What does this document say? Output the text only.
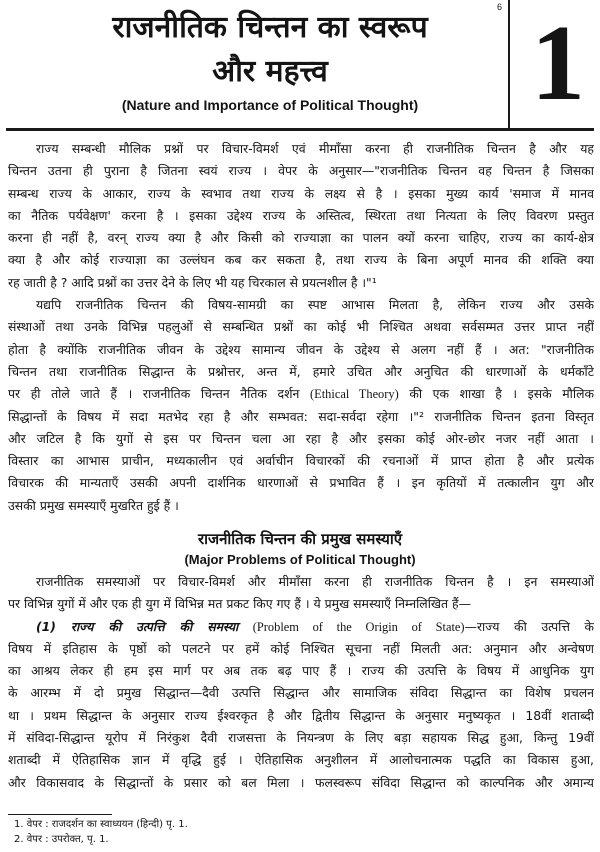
राजनीतिक चिन्तन का स्वरूप
और महत्त्व
(Nature and Importance of Political Thought)
6 1
राज्य सम्बन्धी मौलिक प्रश्नों पर विचार-विमर्श एवं मीमाँसा करना ही राजनीतिक चिन्तन है और यह
चिन्तन उतना ही पुराना है जितना स्वयं राज्य । वेपर के अनुसार—"राजनीतिक चिन्तन वह चिन्तन है जिसका
सम्बन्ध राज्य के आकार, राज्य के स्वभाव तथा राज्य के लक्ष्य से है । इसका मुख्य कार्य 'समाज में मानव
का नैतिक पर्यवेक्षण' करना है । इसका उद्देश्य राज्य के अस्तित्व, स्थिरता तथा नित्यता के लिए विवरण प्रस्तुत
करना ही नहीं है, वरन् राज्य क्या है और किसी को राज्याज्ञा का पालन क्यों करना चाहिए, राज्य का कार्य-क्षेत्र
क्या है और कोई राज्याज्ञा का उल्लंघन कब कर सकता है, तथा राज्य के बिना अपूर्ण मानव की शक्ति क्या
रह जाती है ? आदि प्रश्नों का उत्तर देने के लिए भी यह चिरकाल से प्रयत्नशील है ।"¹
यद्यपि राजनीतिक चिन्तन की विषय-सामग्री का स्पष्ट आभास मिलता है, लेकिन राज्य और उसके
संस्थाओं तथा उनके विभिन्न पहलुओं से सम्बन्धित प्रश्नों का कोई भी निश्चित अथवा सर्वसम्मत उत्तर प्राप्त नहीं
होता है क्योंकि राजनीतिक जीवन के उद्देश्य सामान्य जीवन के उद्देश्य से अलग नहीं हैं । अत: "राजनीतिक
चिन्तन तथा राजनीतिक सिद्धान्त के प्रश्नोत्तर, अन्त में, हमारे उचित और अनुचित की धारणाओं के धर्मकाँटे
पर ही तोले जाते हैं । राजनीतिक चिन्तन नैतिक दर्शन (Ethical Theory) की एक शाखा है । इसके मौलिक
सिद्धान्तों के विषय में सदा मतभेद रहा है और सम्भवत: सदा-सर्वदा रहेगा ।"² राजनीतिक चिन्तन इतना विस्तृत
और जटिल है कि युगों से इस पर चिन्तन चला आ रहा है और इसका कोई ओर-छोर नजर नहीं आता ।
विस्तार का आभास प्राचीन, मध्यकालीन एवं अर्वाचीन विचारकों की रचनाओं में प्राप्त होता है और प्रत्येक
विचारक की मान्यताएँ उसकी अपनी दार्शनिक धारणाओं से प्रभावित हैं । इन कृतियों में तत्कालीन युग और
उसकी प्रमुख समस्याएँ मुखरित हुई हैं ।
राजनीतिक चिन्तन की प्रमुख समस्याएँ
(Major Problems of Political Thought)
राजनीतिक समस्याओं पर विचार-विमर्श और मीमाँसा करना ही राजनीतिक चिन्तन है । इन समस्याओं
पर विभिन्न युगों में और एक ही युग में विभिन्न मत प्रकट किए गए हैं । ये प्रमुख समस्याएँ निम्नलिखित हैं—
(1) राज्य की उत्पत्ति की समस्या (Problem of the Origin of State)—राज्य की उत्पत्ति के
विषय में इतिहास के पृष्ठों को पलटने पर हमें कोई निश्चित सूचना नहीं मिलती अत: अनुमान और अन्वेषण
का आश्रय लेकर ही हम इस मार्ग पर अब तक बढ़ पाए हैं । राज्य की उत्पत्ति के विषय में आधुनिक युग
के आरम्भ में दो प्रमुख सिद्धान्त—दैवी उत्पत्ति सिद्धान्त और सामाजिक संविदा सिद्धान्त का विशेष प्रचलन
था । प्रथम सिद्धान्त के अनुसार राज्य ईश्वरकृत है और द्वितीय सिद्धान्त के अनुसार मनुष्यकृत । 18वीं शताब्दी
में संविदा-सिद्धान्त यूरोप में निरंकुश दैवी राजसत्ता के नियन्त्रण के लिए बड़ा सहायक सिद्ध हुआ, किन्तु 19वीं
शताब्दी में ऐतिहासिक ज्ञान में वृद्धि हुई । ऐतिहासिक अनुशीलन में आलोचनात्मक पद्धति का विकास हुआ,
और विकासवाद के सिद्धान्तों के प्रसार को बल मिला । फलस्वरूप संविदा सिद्धान्त को काल्पनिक और अमान्य
1. वेपर : राजदर्शन का स्वाध्ययन (हिन्दी) पृ. 1.
2. वेपर : उपरोक्त, पृ. 1.
